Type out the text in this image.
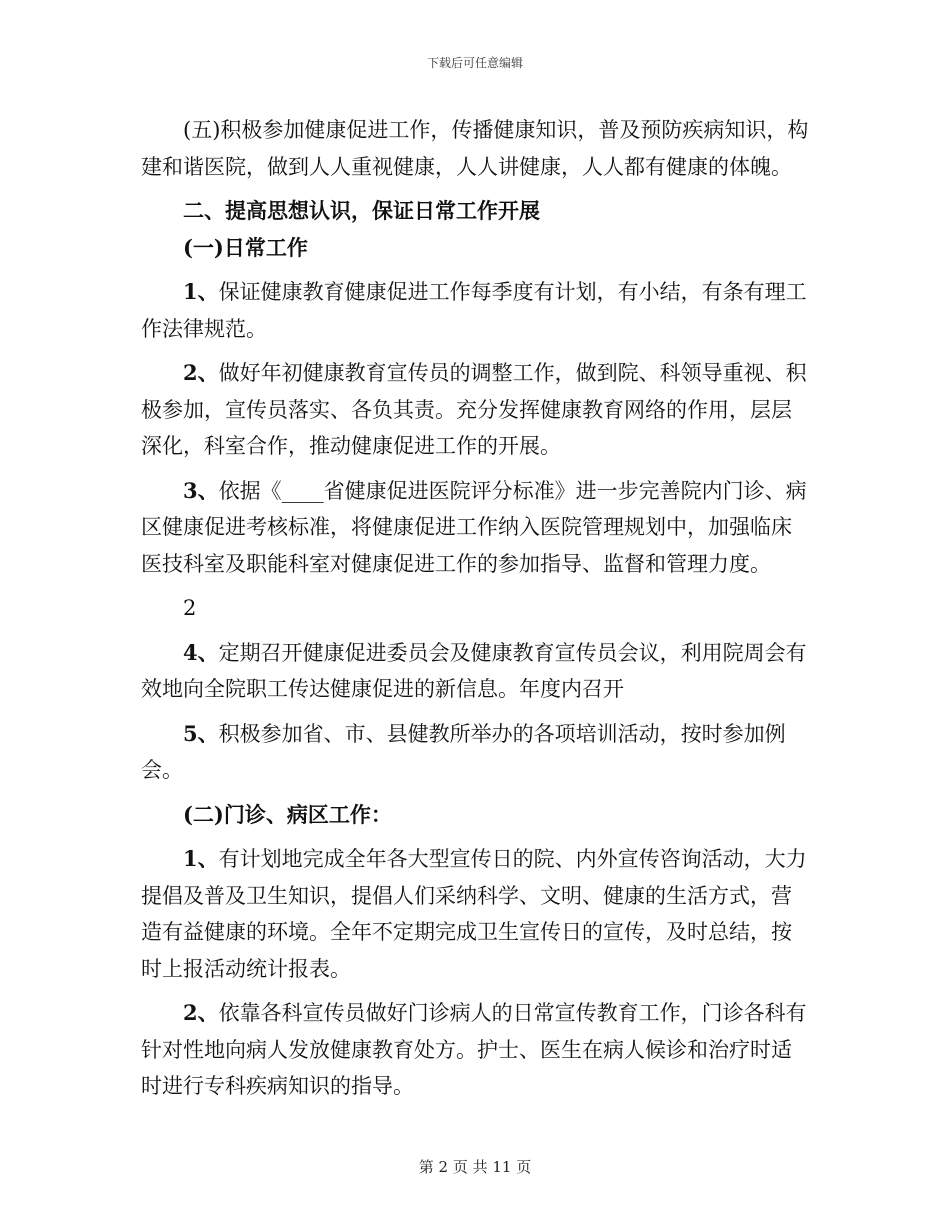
下载后可任意编辑

(五)积极参加健康促进工作，传播健康知识，普及预防疾病知识，构建和谐医院，做到人人重视健康，人人讲健康，人人都有健康的体魄。

二、提高思想认识，保证日常工作开展

(一)日常工作

1、保证健康教育健康促进工作每季度有计划，有小结，有条有理工作法律规范。

2、做好年初健康教育宣传员的调整工作，做到院、科领导重视、积极参加，宣传员落实、各负其责。充分发挥健康教育网络的作用，层层深化，科室合作，推动健康促进工作的开展。

3、依据《____省健康促进医院评分标准》进一步完善院内门诊、病区健康促进考核标准，将健康促进工作纳入医院管理规划中，加强临床医技科室及职能科室对健康促进工作的参加指导、监督和管理力度。

2

4、定期召开健康促进委员会及健康教育宣传员会议，利用院周会有效地向全院职工传达健康促进的新信息。年度内召开

5、积极参加省、市、县健教所举办的各项培训活动，按时参加例会。

(二)门诊、病区工作：

1、有计划地完成全年各大型宣传日的院、内外宣传咨询活动，大力提倡及普及卫生知识，提倡人们采纳科学、文明、健康的生活方式，营造有益健康的环境。全年不定期完成卫生宣传日的宣传，及时总结，按时上报活动统计报表。

2、依靠各科宣传员做好门诊病人的日常宣传教育工作，门诊各科有针对性地向病人发放健康教育处方。护士、医生在病人候诊和治疗时适时进行专科疾病知识的指导。

第 2 页 共 11 页
